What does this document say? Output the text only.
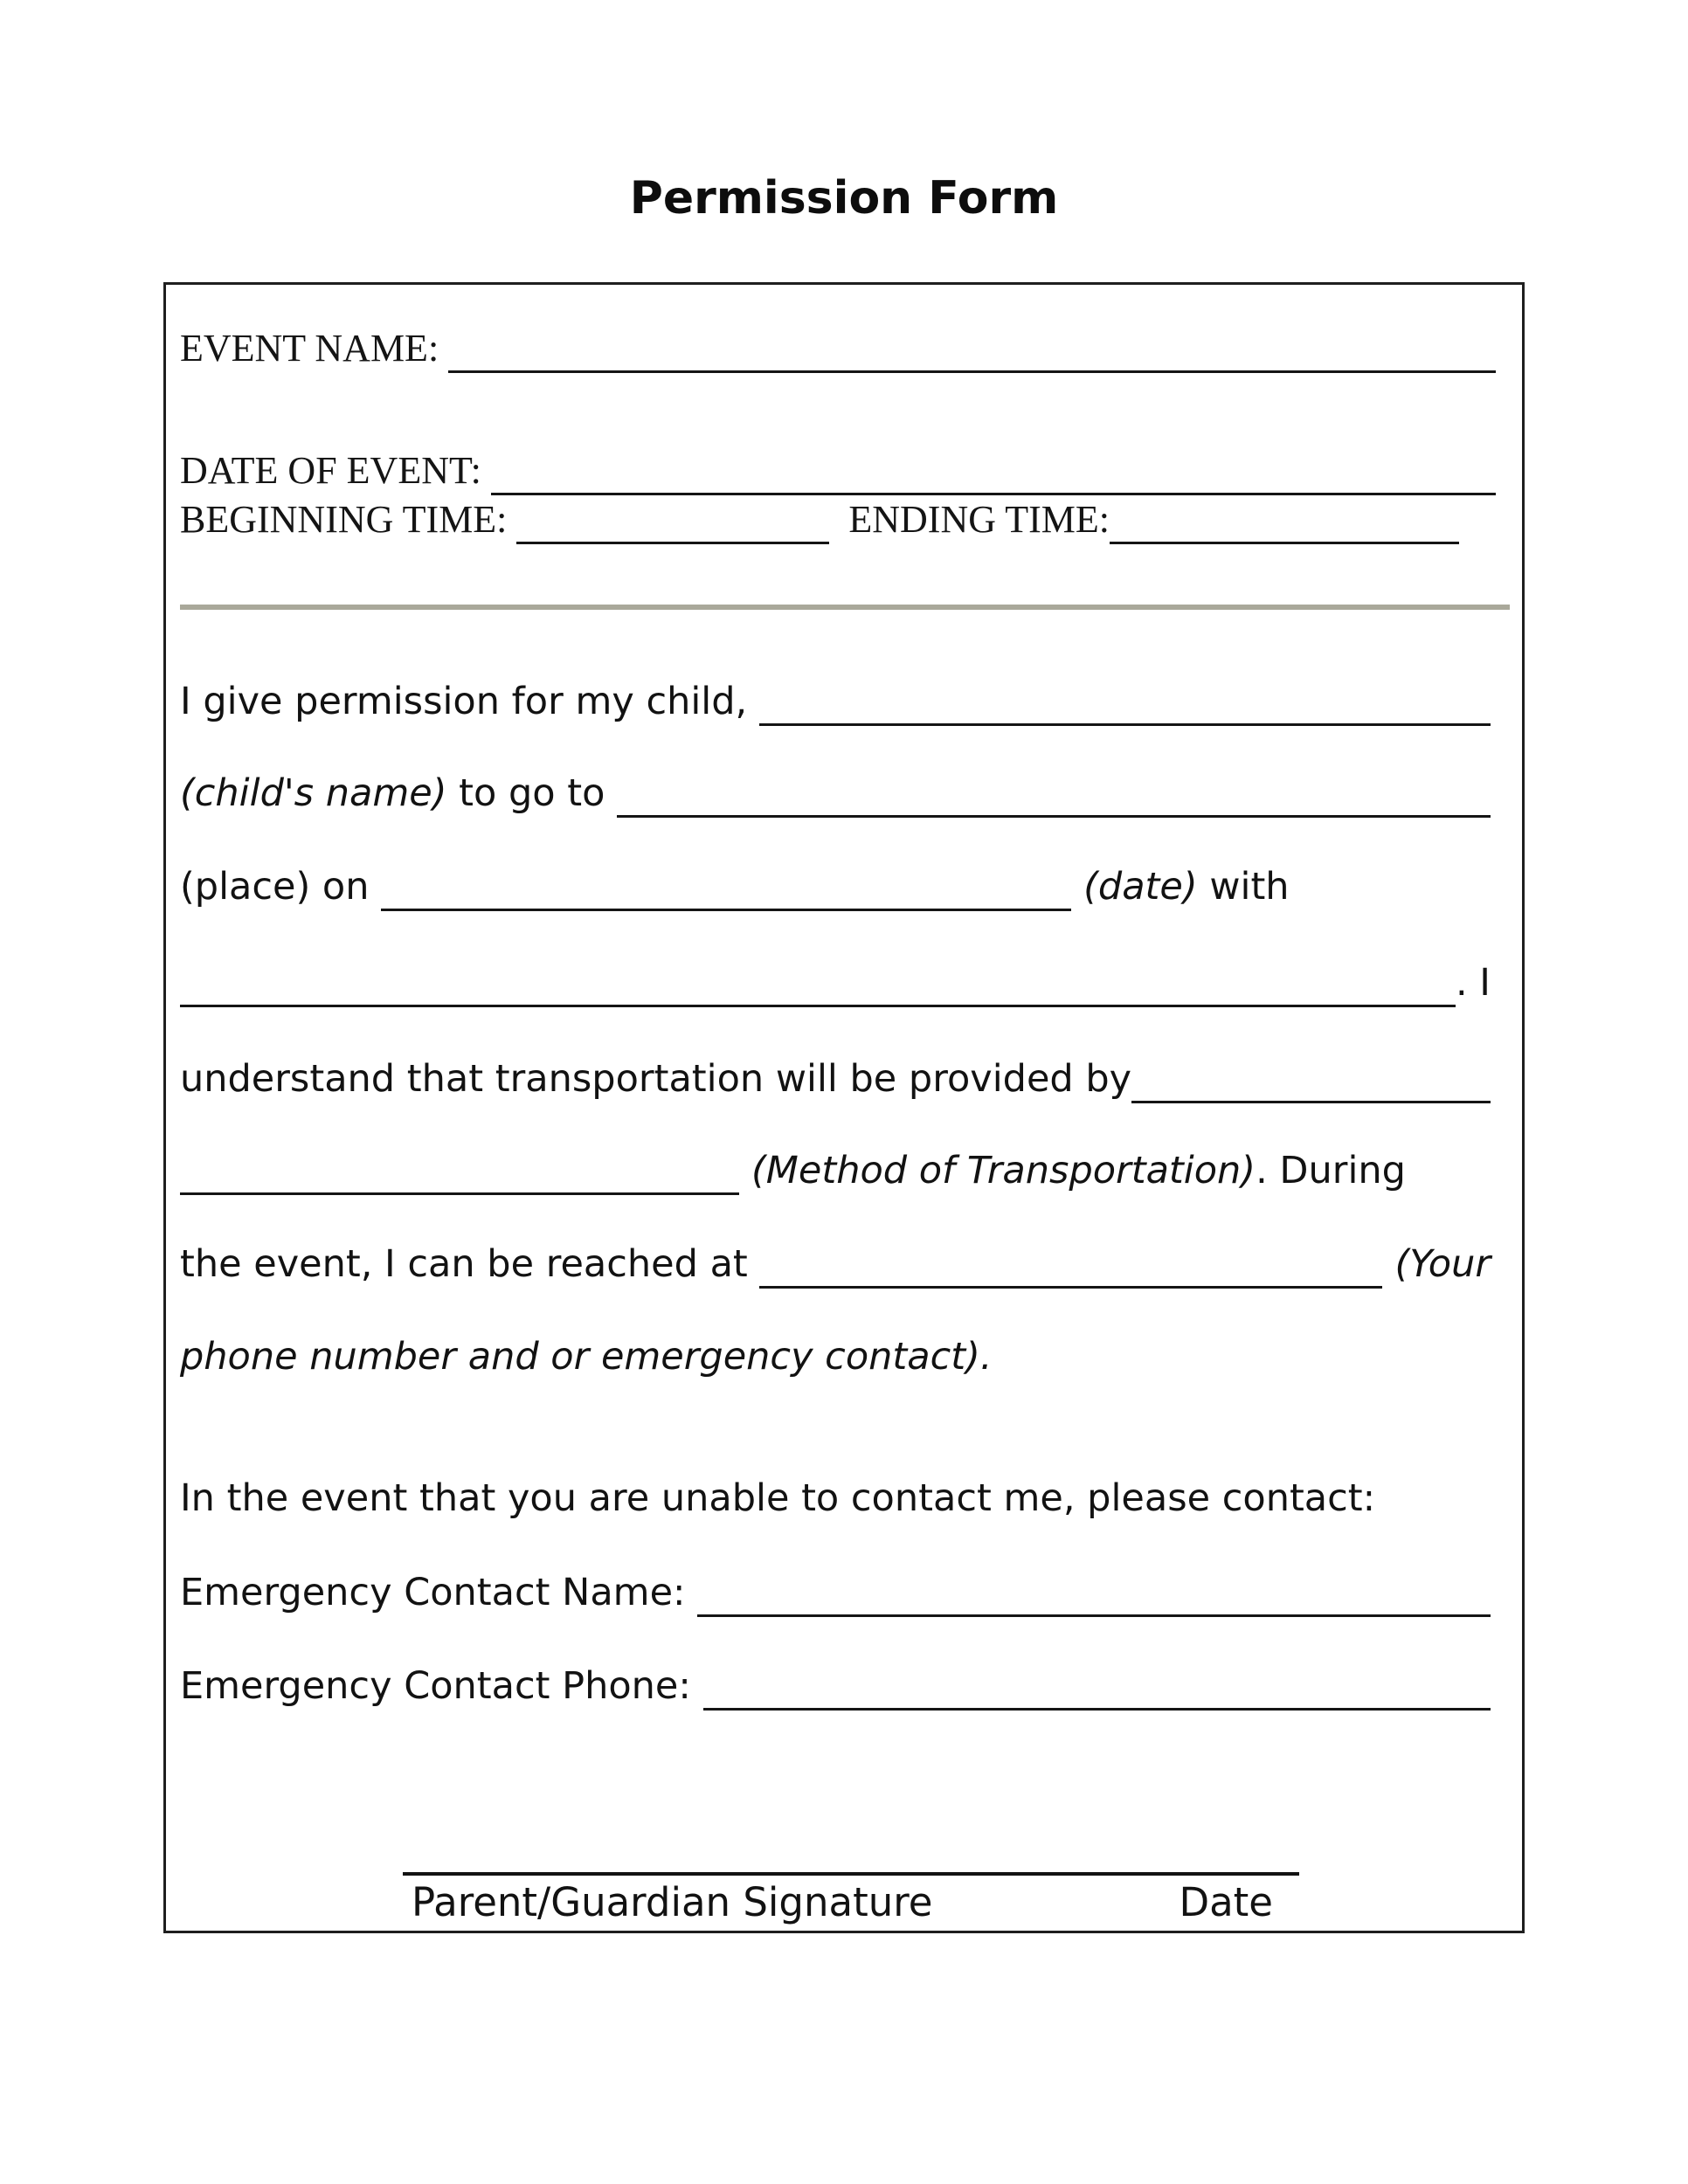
Permission Form
EVENT NAME:
DATE OF EVENT:
BEGINNING TIME:	ENDING TIME:
I give permission for my child,
(child's name) to go to
(place) on	(date) with
. I
understand that transportation will be provided by
(Method of Transportation) . During
the event, I can be reached at	(Your
phone number and or emergency contact).
In the event that you are unable to contact me, please contact:
Emergency Contact Name:
Emergency Contact Phone:
Parent/Guardian Signature	Date
